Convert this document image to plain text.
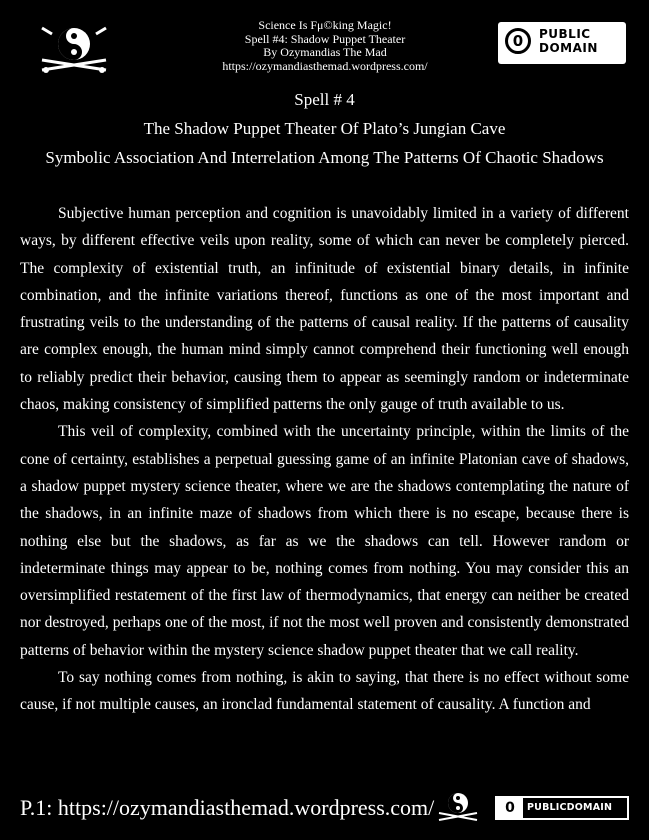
Science Is Fμ©king Magic!
Spell #4: Shadow Puppet Theater
By Ozymandias The Mad
https://ozymandiasthemad.wordpress.com/
0	PUBLIC
DOMAIN
Spell # 4
The Shadow Puppet Theater Of Plato’s Jungian Cave
Symbolic Association And Interrelation Among The Patterns Of Chaotic Shadows

Subjective human perception and cognition is unavoidably limited in a variety of different ways, by different effective veils upon reality, some of which can never be completely pierced. The complexity of existential truth, an infinitude of existential binary details, in infinite combination, and the infinite variations thereof, functions as one of the most important and frustrating veils to the understanding of the patterns of causal reality. If the patterns of causality are complex enough, the human mind simply cannot comprehend their functioning well enough to reliably predict their behavior, causing them to appear as seemingly random or indeterminate chaos, making consistency of simplified patterns the only gauge of truth available to us.

This veil of complexity, combined with the uncertainty principle, within the limits of the cone of certainty, establishes a perpetual guessing game of an infinite Platonian cave of shadows, a shadow puppet mystery science theater, where we are the shadows contemplating the nature of the shadows, in an infinite maze of shadows from which there is no escape, because there is nothing else but the shadows, as far as we the shadows can tell. However random or indeterminate things may appear to be, nothing comes from nothing. You may consider this an oversimplified restatement of the first law of thermodynamics, that energy can neither be created nor destroyed, perhaps one of the most, if not the most well proven and consistently demonstrated patterns of behavior within the mystery science shadow puppet theater that we call reality.

To say nothing comes from nothing, is akin to saying, that there is no effect without some cause, if not multiple causes, an ironclad fundamental statement of causality. A function and

P.1: https://ozymandiasthemad.wordpress.com/	0	PUBLICDOMAIN
